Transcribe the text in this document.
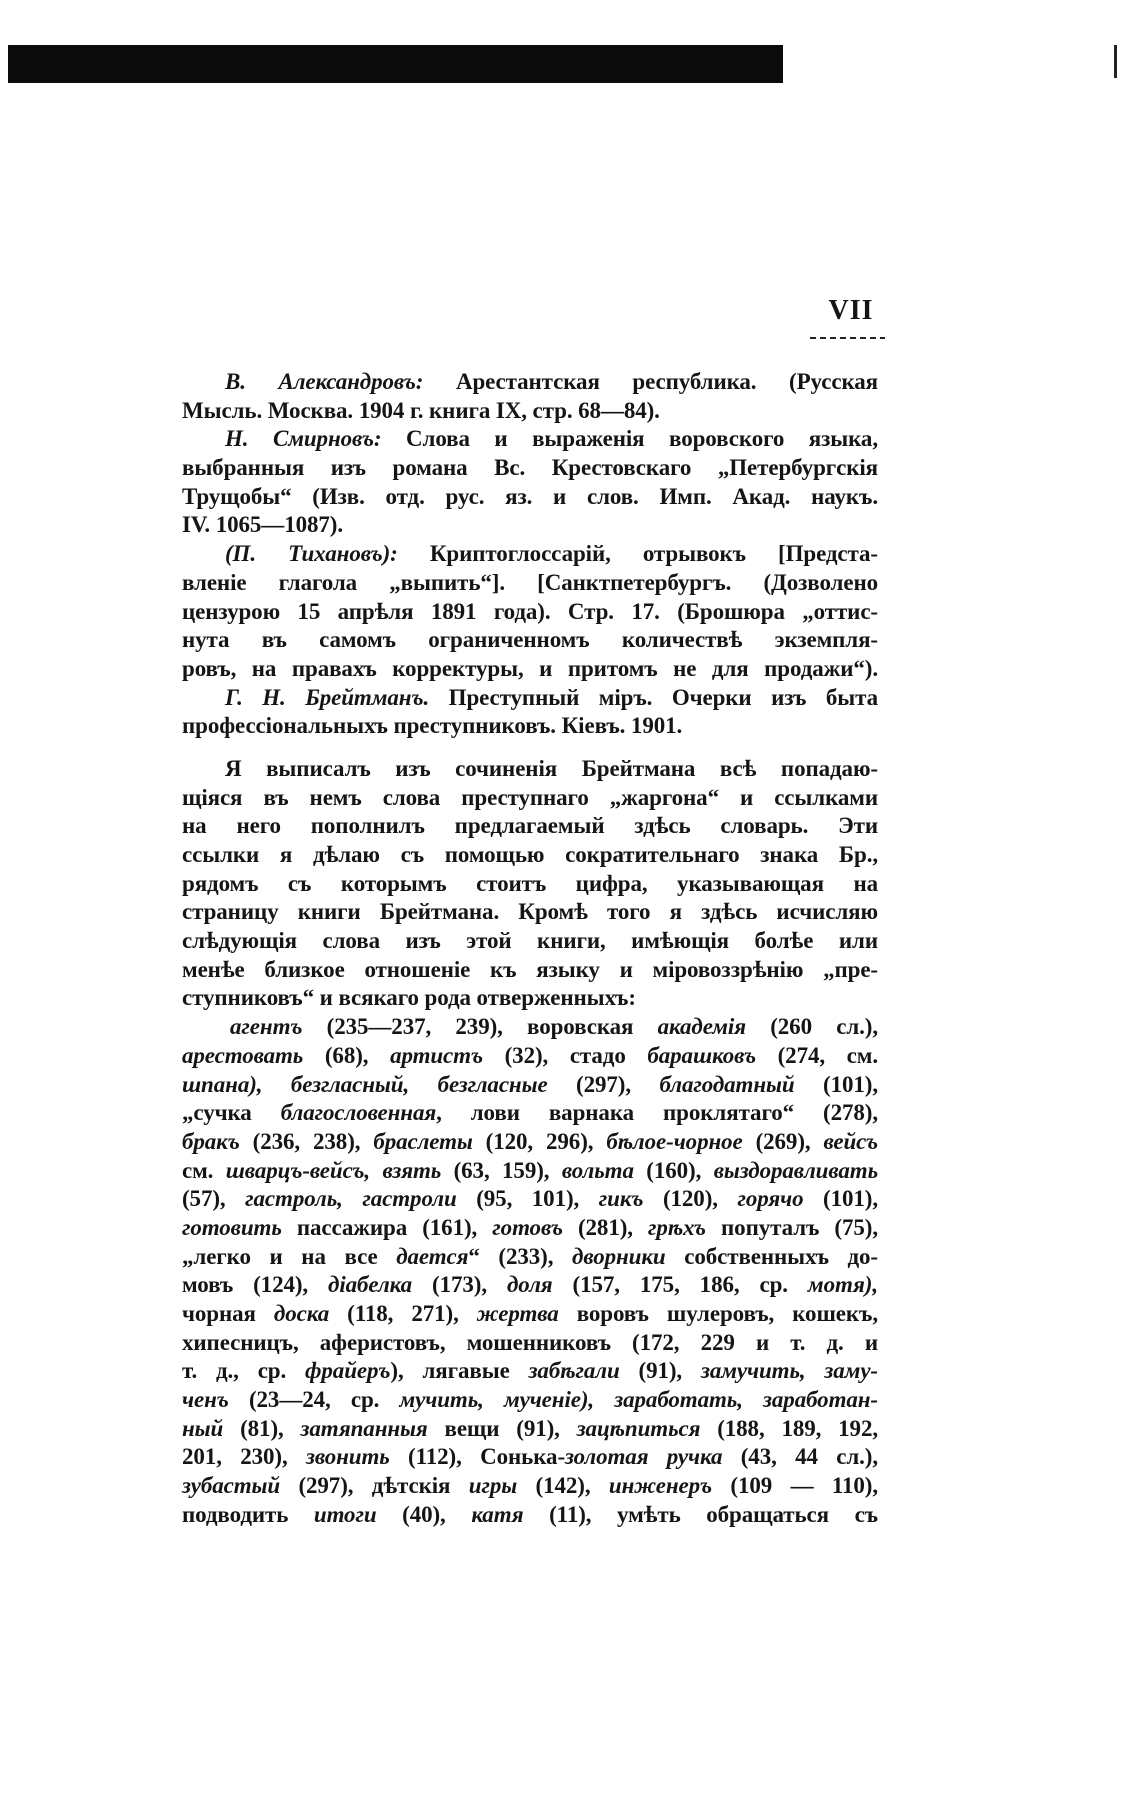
VII
В. Александровъ: Арестантская республика. (Русская
Мысль. Москва. 1904 г. книга IX, стр. 68—84).
Н. Смирновъ: Слова и выраженія воровского языка,
выбранныя изъ романа Вс. Крестовскаго „Петербургскія
Трущобы“ (Изв. отд. рус. яз. и слов. Имп. Акад. наукъ.
IV. 1065—1087).
(П. Тихановъ): Криптоглоссарій, отрывокъ [Предста-
вленіе глагола „выпить“]. [Санктпетербургъ. (Дозволено
цензурою 15 апрѣля 1891 года). Стр. 17. (Брошюра „оттис-
нута въ самомъ ограниченномъ количествѣ экземпля-
ровъ, на правахъ корректуры, и притомъ не для продажи“).
Г. Н. Брейтманъ. Преступный міръ. Очерки изъ быта
профессіональныхъ преступниковъ. Кіевъ. 1901.
Я выписалъ изъ сочиненія Брейтмана всѣ попадаю-
щіяся въ немъ слова преступнаго „жаргона“ и ссылками
на него пополнилъ предлагаемый здѣсь словарь. Эти
ссылки я дѣлаю съ помощью сократительнаго знака Бр.,
рядомъ съ которымъ стоитъ цифра, указывающая на
страницу книги Брейтмана. Кромѣ того я здѣсь исчисляю
слѣдующія слова изъ этой книги, имѣющія болѣе или
менѣе близкое отношеніе къ языку и міровоззрѣнію „пре-
ступниковъ“ и всякаго рода отверженныхъ:
агентъ (235—237, 239), воровская академія (260 сл.),
арестовать (68), артистъ (32), стадо барашковъ (274, см.
шпана), безгласный, безгласные (297), благодатный (101),
„сучка благословенная, лови варнака проклятаго“ (278),
бракъ (236, 238), браслеты (120, 296), бѣлое-чорное (269), вейсъ
см. шварцъ-вейсъ, взять (63, 159), вольта (160), выздоравливать
(57), гастроль, гастроли (95, 101), гикъ (120), горячо (101),
готовить пассажира (161), готовъ (281), грѣхъ попуталъ (75),
„легко и на все дается“ (233), дворники собственныхъ до-
мовъ (124), діабелка (173), доля (157, 175, 186, ср. мотя),
чорная доска (118, 271), жертва воровъ шулеровъ, кошекъ,
хипесницъ, аферистовъ, мошенниковъ (172, 229 и т. д. и
т. д., ср. фрайеръ), лягавые забѣгали (91), замучить, заму-
ченъ (23—24, ср. мучить, мученіе), заработать, заработан-
ный (81), затяпанныя вещи (91), зацѣпиться (188, 189, 192,
201, 230), звонить (112), Сонька-золотая ручка (43, 44 сл.),
зубастый (297), дѣтскія игры (142), инженеръ (109 — 110),
подводить итоги (40), катя (11), умѣть обращаться съ
